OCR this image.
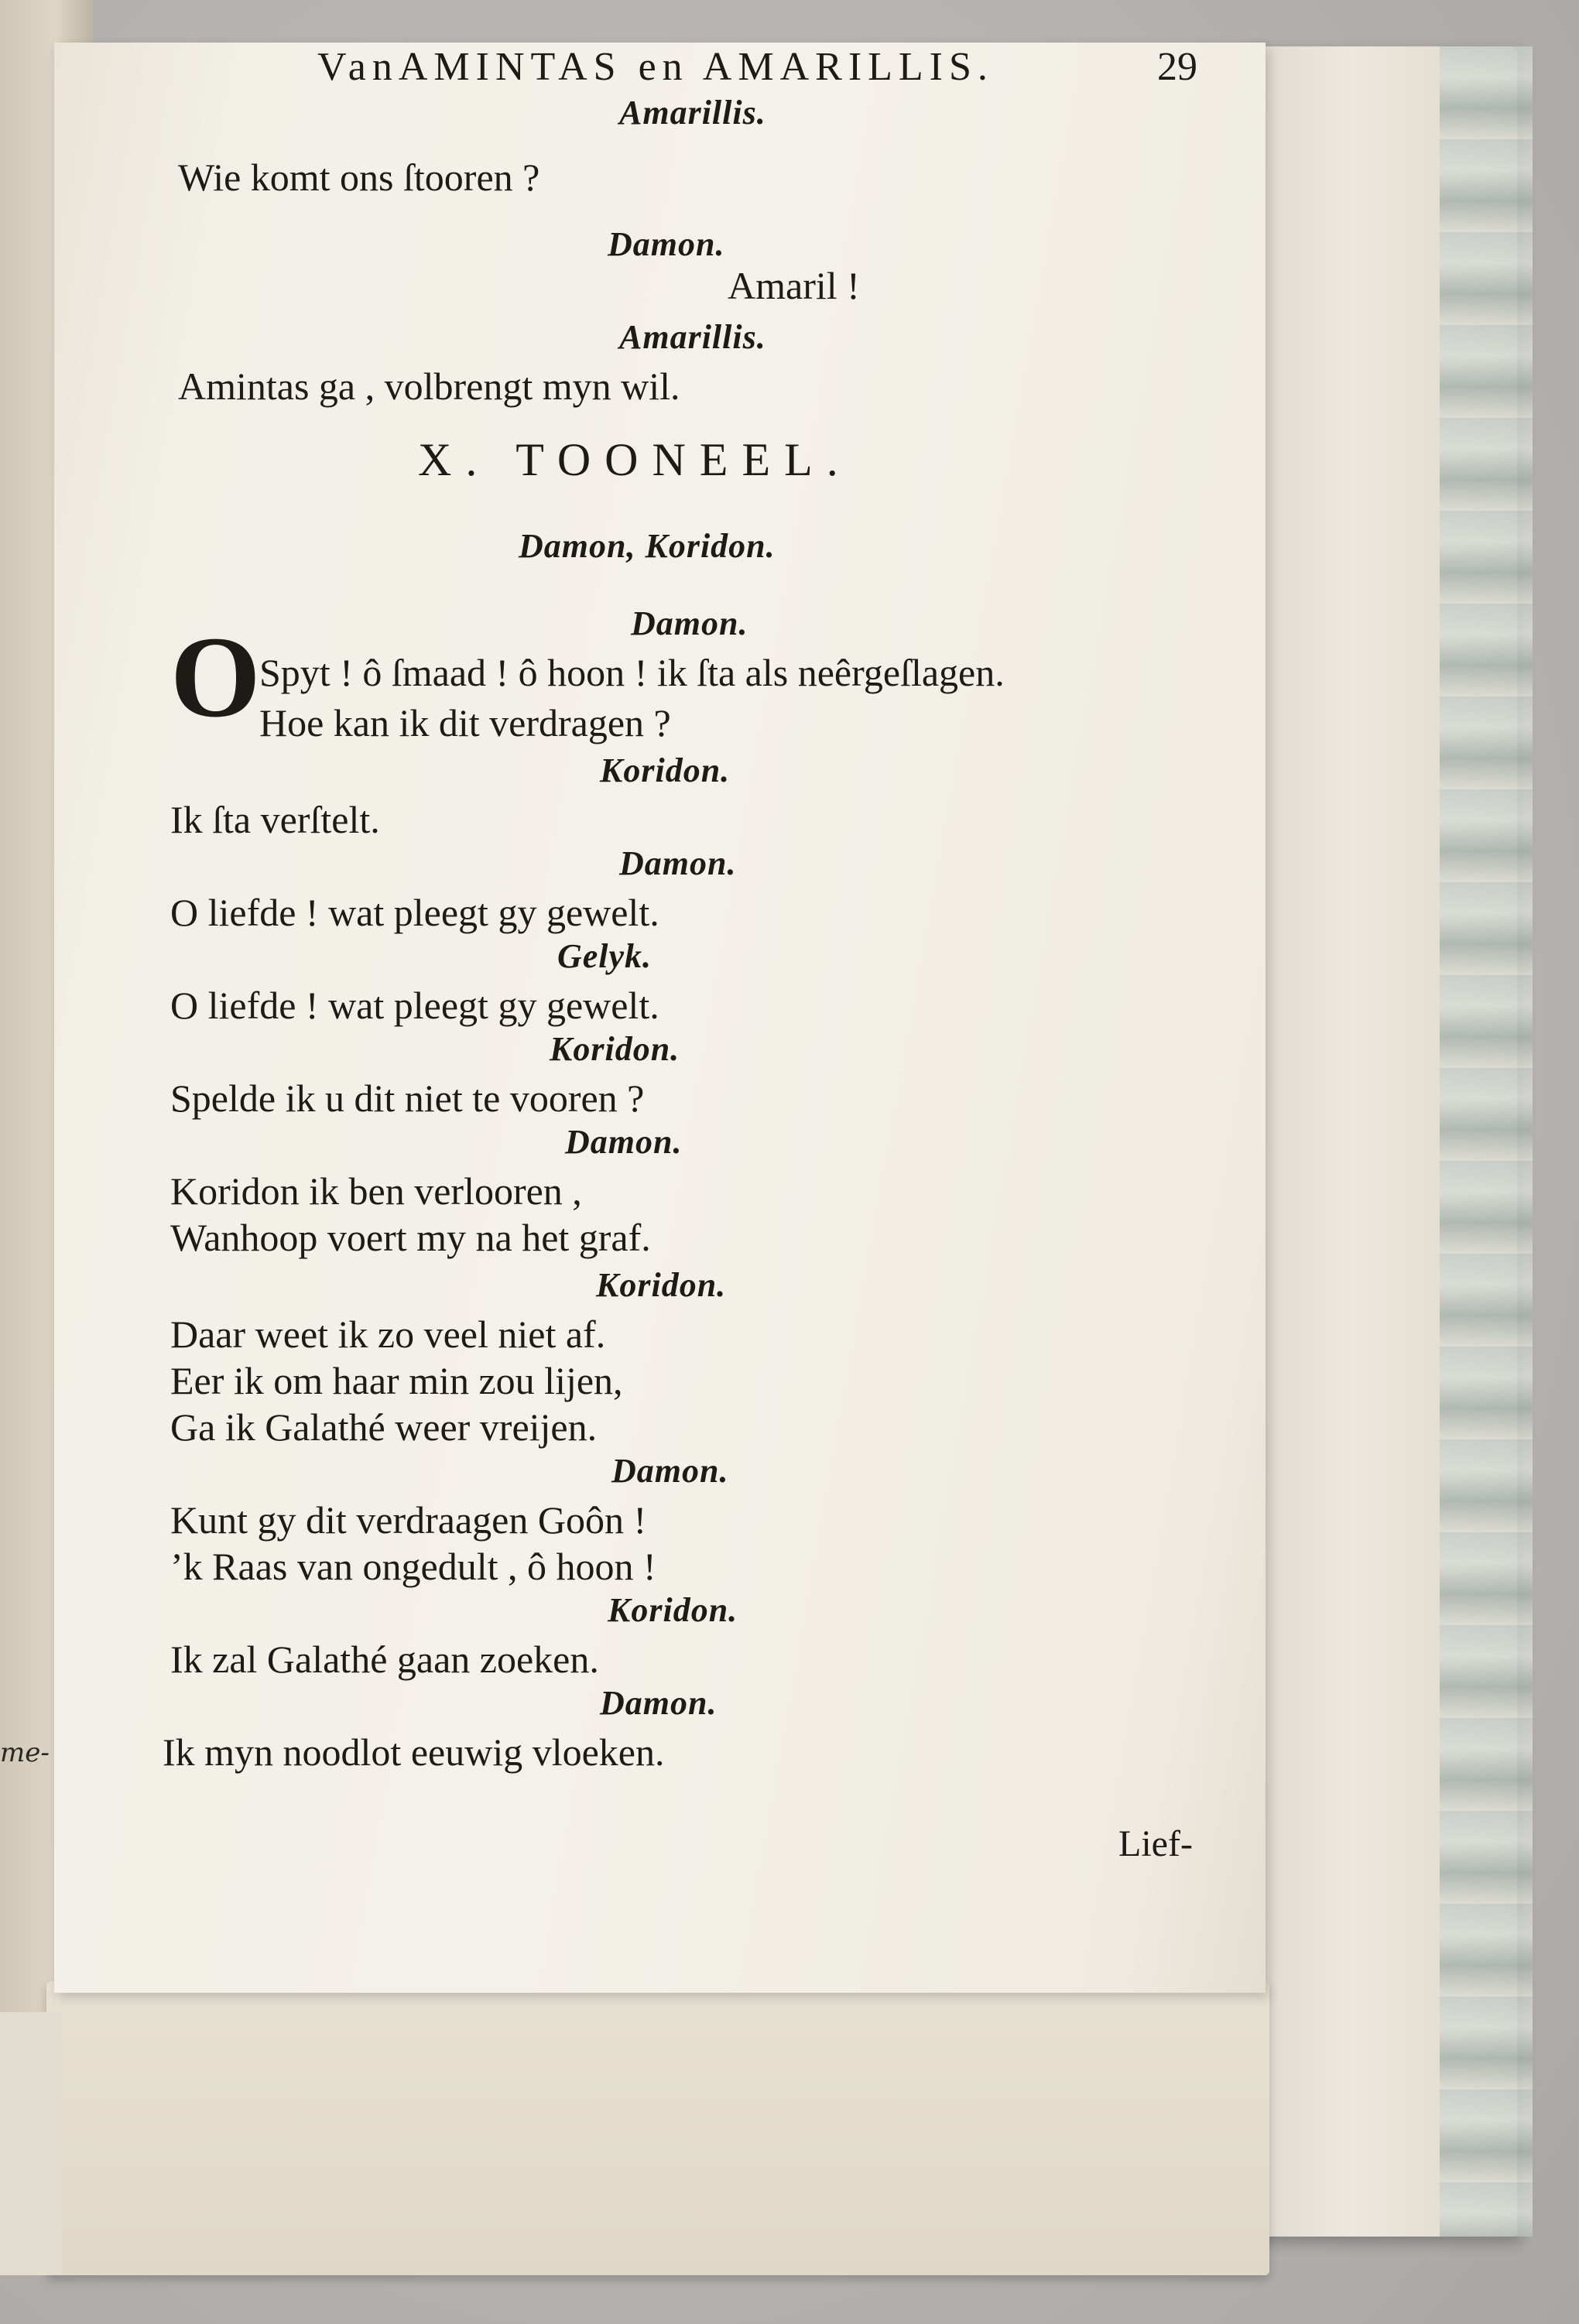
me-
VanAMINTAS en AMARILLIS.	29
Amarillis.
Wie komt ons ſtooren ?
Damon.
Amaril !
Amarillis.
Amintas ga , volbrengt myn wil.
X. TOONEEL.
Damon, Koridon.
Damon.
O
Spyt ! ô ſmaad ! ô hoon ! ik ſta als neêrgeſlagen.
Hoe kan ik dit verdragen ?
Koridon.
Ik ſta verſtelt.
Damon.
O liefde ! wat pleegt gy gewelt.
Gelyk.
O liefde ! wat pleegt gy gewelt.
Koridon.
Spelde ik u dit niet te vooren ?
Damon.
Koridon ik ben verlooren ,
Wanhoop voert my na het graf.
Koridon.
Daar weet ik zo veel niet af.
Eer ik om haar min zou lijen,
Ga ik Galathé weer vreijen.
Damon.
Kunt gy dit verdraagen Goôn !
’k Raas van ongedult , ô hoon !
Koridon.
Ik zal Galathé gaan zoeken.
Damon.
Ik myn noodlot eeuwig vloeken.
Lief-
